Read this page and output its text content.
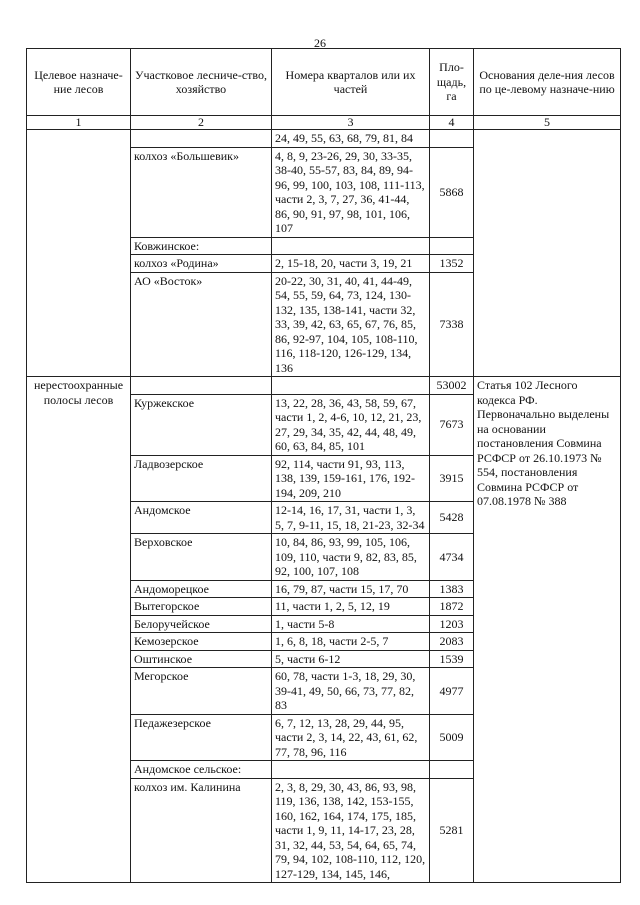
26
Целевое назначе-ние лесов	Участковое лесниче-ство, хозяйство	Номера кварталов или их частей	Пло-щадь, га	Основания деле-ния лесов по це-левому назначе-нию
1	2	3	4	5
		24, 49, 55, 63, 68, 79, 81, 84		
	колхоз «Большевик»	4, 8, 9, 23-26, 29, 30, 33-35, 38-40, 55-57, 83, 84, 89, 94-96, 99, 100, 103, 108, 111-113, части 2, 3, 7, 27, 36, 41-44, 86, 90, 91, 97, 98, 101, 106, 107	5868	
	Ковжинское:			
	колхоз «Родина»	2, 15-18, 20, части 3, 19, 21	1352	
	АО «Восток»	20-22, 30, 31, 40, 41, 44-49, 54, 55, 59, 64, 73, 124, 130-132, 135, 138-141, части 32, 33, 39, 42, 63, 65, 67, 76, 85, 86, 92-97, 104, 105, 108-110, 116, 118-120, 126-129, 134, 136	7338	
нерестоохранные полосы лесов			53002	Статья 102 Лесного кодекса РФ. Первоначально выделены на основании постановления Совмина РСФСР от 26.10.1973 № 554, постановления Совмина РСФСР от 07.08.1978 № 388
	Куржекское	13, 22, 28, 36, 43, 58, 59, 67, части 1, 2, 4-6, 10, 12, 21, 23, 27, 29, 34, 35, 42, 44, 48, 49, 60, 63, 84, 85, 101	7673	
	Ладвозерское	92, 114, части 91, 93, 113, 138, 139, 159-161, 176, 192-194, 209, 210	3915	
	Андомское	12-14, 16, 17, 31, части 1, 3, 5, 7, 9-11, 15, 18, 21-23, 32-34	5428	
	Верховское	10, 84, 86, 93, 99, 105, 106, 109, 110, части 9, 82, 83, 85, 92, 100, 107, 108	4734	
	Андоморецкое	16, 79, 87, части 15, 17, 70	1383	
	Вытегорское	11, части 1, 2, 5, 12, 19	1872	
	Белоручейское	1, части 5-8	1203	
	Кемозерское	1, 6, 8, 18, части 2-5, 7	2083	
	Оштинское	5, части 6-12	1539	
	Мегорское	60, 78, части 1-3, 18, 29, 30, 39-41, 49, 50, 66, 73, 77, 82, 83	4977	
	Педажезерское	6, 7, 12, 13, 28, 29, 44, 95, части 2, 3, 14, 22, 43, 61, 62, 77, 78, 96, 116	5009	
	Андомское сельское:			
	колхоз им. Калинина	2, 3, 8, 29, 30, 43, 86, 93, 98, 119, 136, 138, 142, 153-155, 160, 162, 164, 174, 175, 185, части 1, 9, 11, 14-17, 23, 28, 31, 32, 44, 53, 54, 64, 65, 74, 79, 94, 102, 108-110, 112, 120, 127-129, 134, 145, 146,	5281	
